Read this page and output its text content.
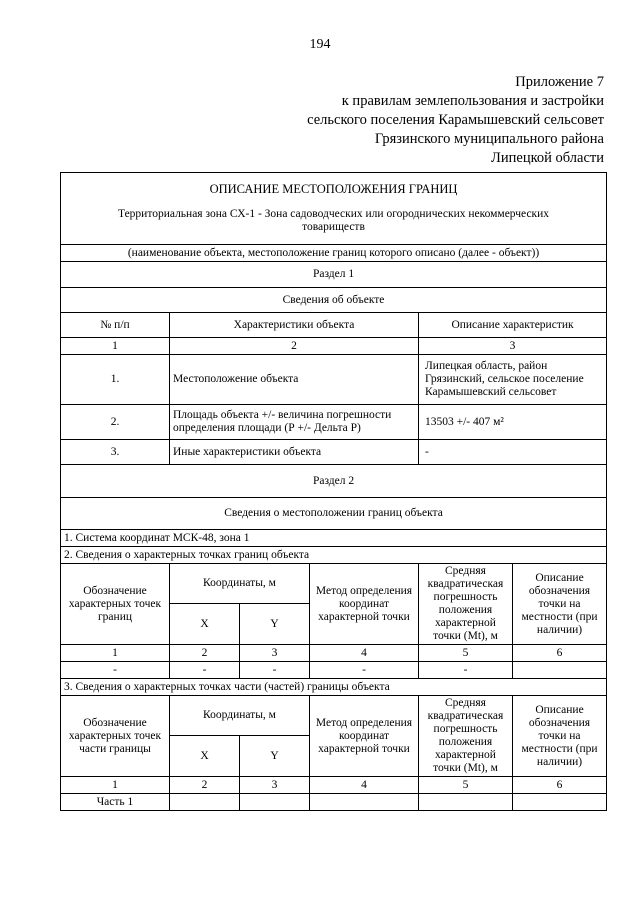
194
Приложение 7
к правилам землепользования и застройки
сельского поселения Карамышевский сельсовет
Грязинского муниципального района
Липецкой области
ОПИСАНИЕ МЕСТОПОЛОЖЕНИЯ ГРАНИЦ
Территориальная зона СХ-1 - Зона садоводческих или огороднических некоммерческих товариществ					

(наименование объекта, местоположение границ которого описано (далее - объект))					
Раздел 1					
Сведения об объекте					
№ п/п	Характеристики объекта			Описание характеристик	
1	2			3	
1.	Местоположение объекта			Липецкая область, район Грязинский, сельское поселение Карамышевский сельсовет	
2.	Площадь объекта +/- величина погрешности определения площади (Р +/- Дельта Р)			13503 +/- 407 м²	
3.	Иные характеристики объекта			-	
Раздел 2					
Сведения о местоположении границ объекта					
1. Система координат МСК-48, зона 1					
2. Сведения о характерных точках границ объекта					
Обозначение характерных точек границ	Координаты, м		Метод определения координат характерной точки	Средняя квадратическая погрешность положения характерной точки (Mt), м	Описание обозначения точки на местности (при наличии)
	X	Y			
1	2	3	4	5	6
-	-	-	-	-	
3. Сведения о характерных точках части (частей) границы объекта					
Обозначение характерных точек части границы	Координаты, м		Метод определения координат характерной точки	Средняя квадратическая погрешность положения характерной точки (Mt), м	Описание обозначения точки на местности (при наличии)
	X	Y			
1	2	3	4	5	6
Часть 1					
